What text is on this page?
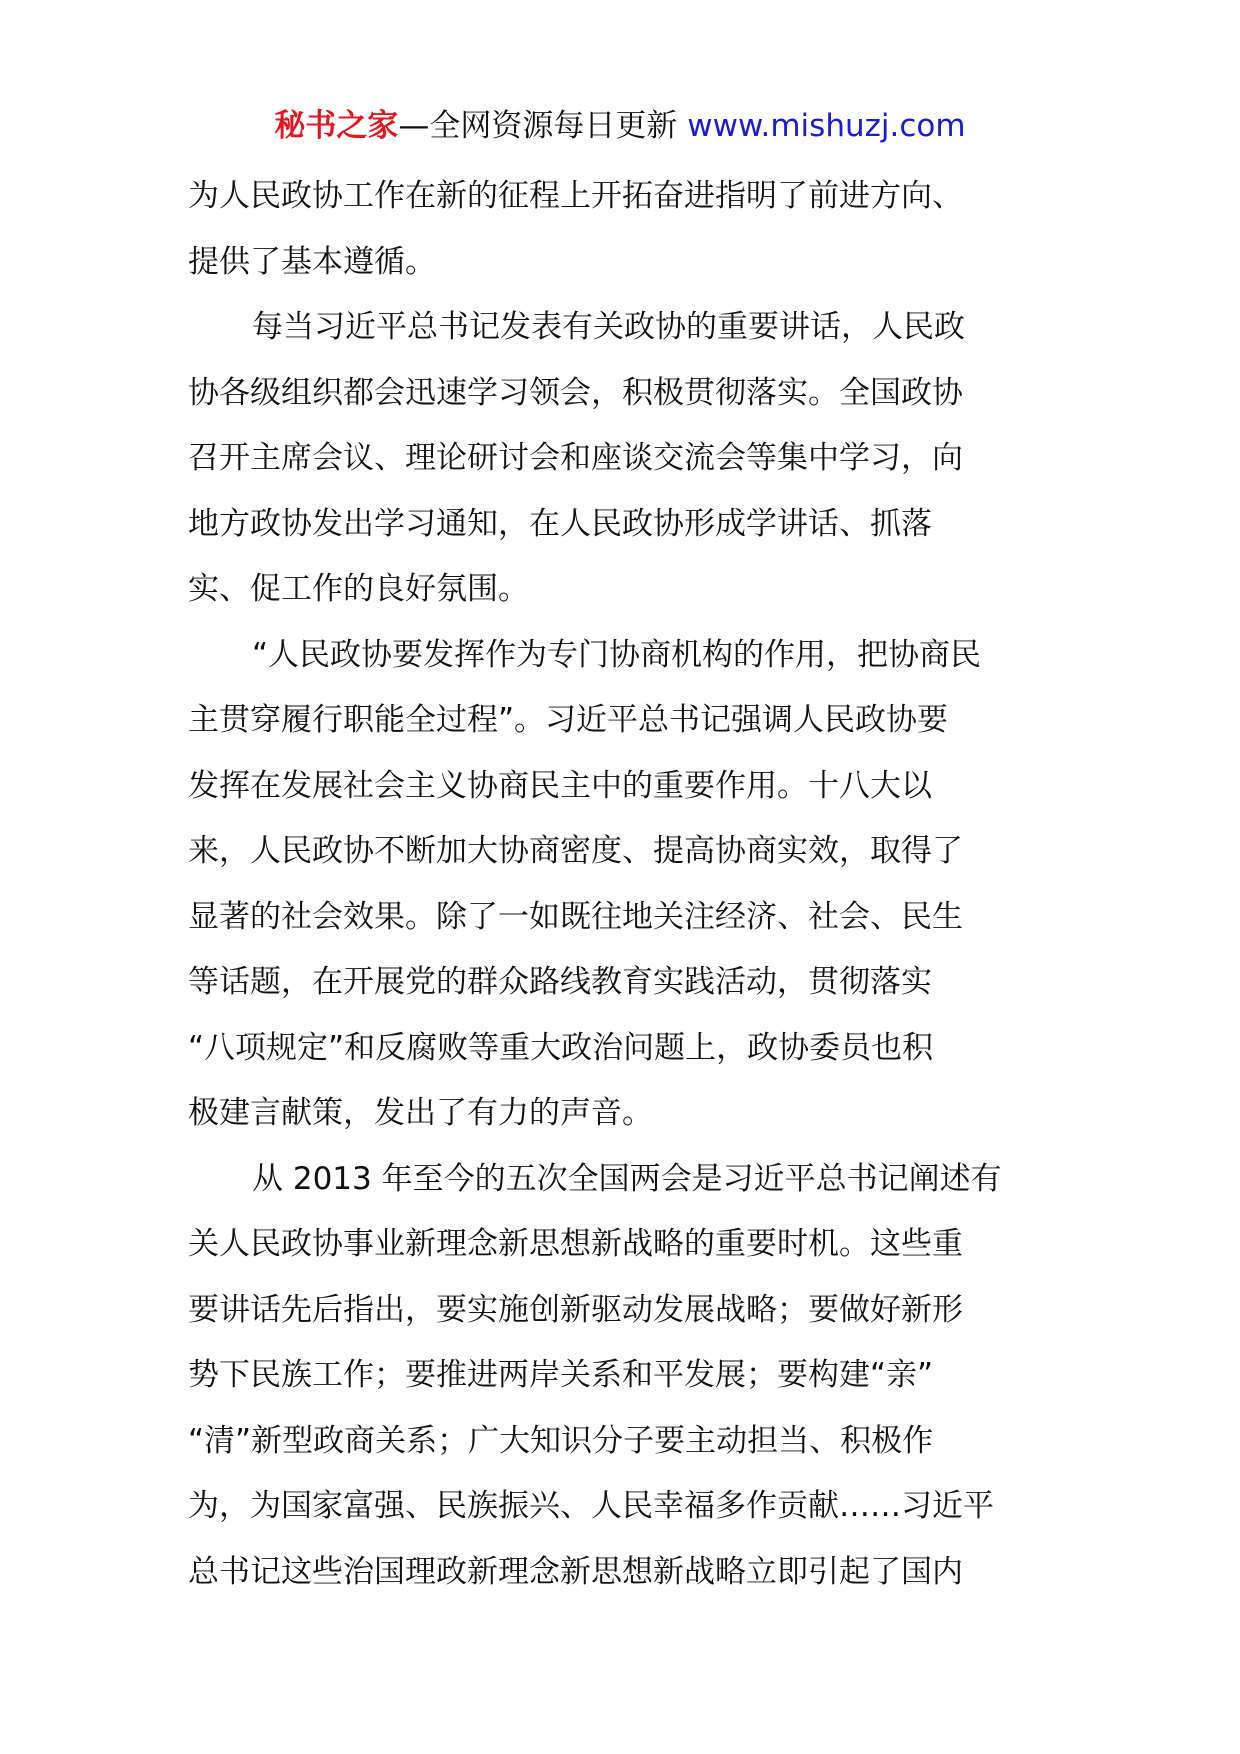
秘书之家—全网资源每日更新 www.mishuzj.com
为人民政协工作在新的征程上开拓奋进指明了前进方向、
提供了基本遵循。
每当习近平总书记发表有关政协的重要讲话，人民政
协各级组织都会迅速学习领会，积极贯彻落实。全国政协
召开主席会议、理论研讨会和座谈交流会等集中学习，向
地方政协发出学习通知，在人民政协形成学讲话、抓落
实、促工作的良好氛围。
“人民政协要发挥作为专门协商机构的作用，把协商民
主贯穿履行职能全过程”。习近平总书记强调人民政协要
发挥在发展社会主义协商民主中的重要作用。十八大以
来，人民政协不断加大协商密度、提高协商实效，取得了
显著的社会效果。除了一如既往地关注经济、社会、民生
等话题，在开展党的群众路线教育实践活动，贯彻落实
“八项规定”和反腐败等重大政治问题上，政协委员也积
极建言献策，发出了有力的声音。
从 2013 年至今的五次全国两会是习近平总书记阐述有
关人民政协事业新理念新思想新战略的重要时机。这些重
要讲话先后指出，要实施创新驱动发展战略；要做好新形
势下民族工作；要推进两岸关系和平发展；要构建“亲”
“清”新型政商关系；广大知识分子要主动担当、积极作
为，为国家富强、民族振兴、人民幸福多作贡献……习近平
总书记这些治国理政新理念新思想新战略立即引起了国内
